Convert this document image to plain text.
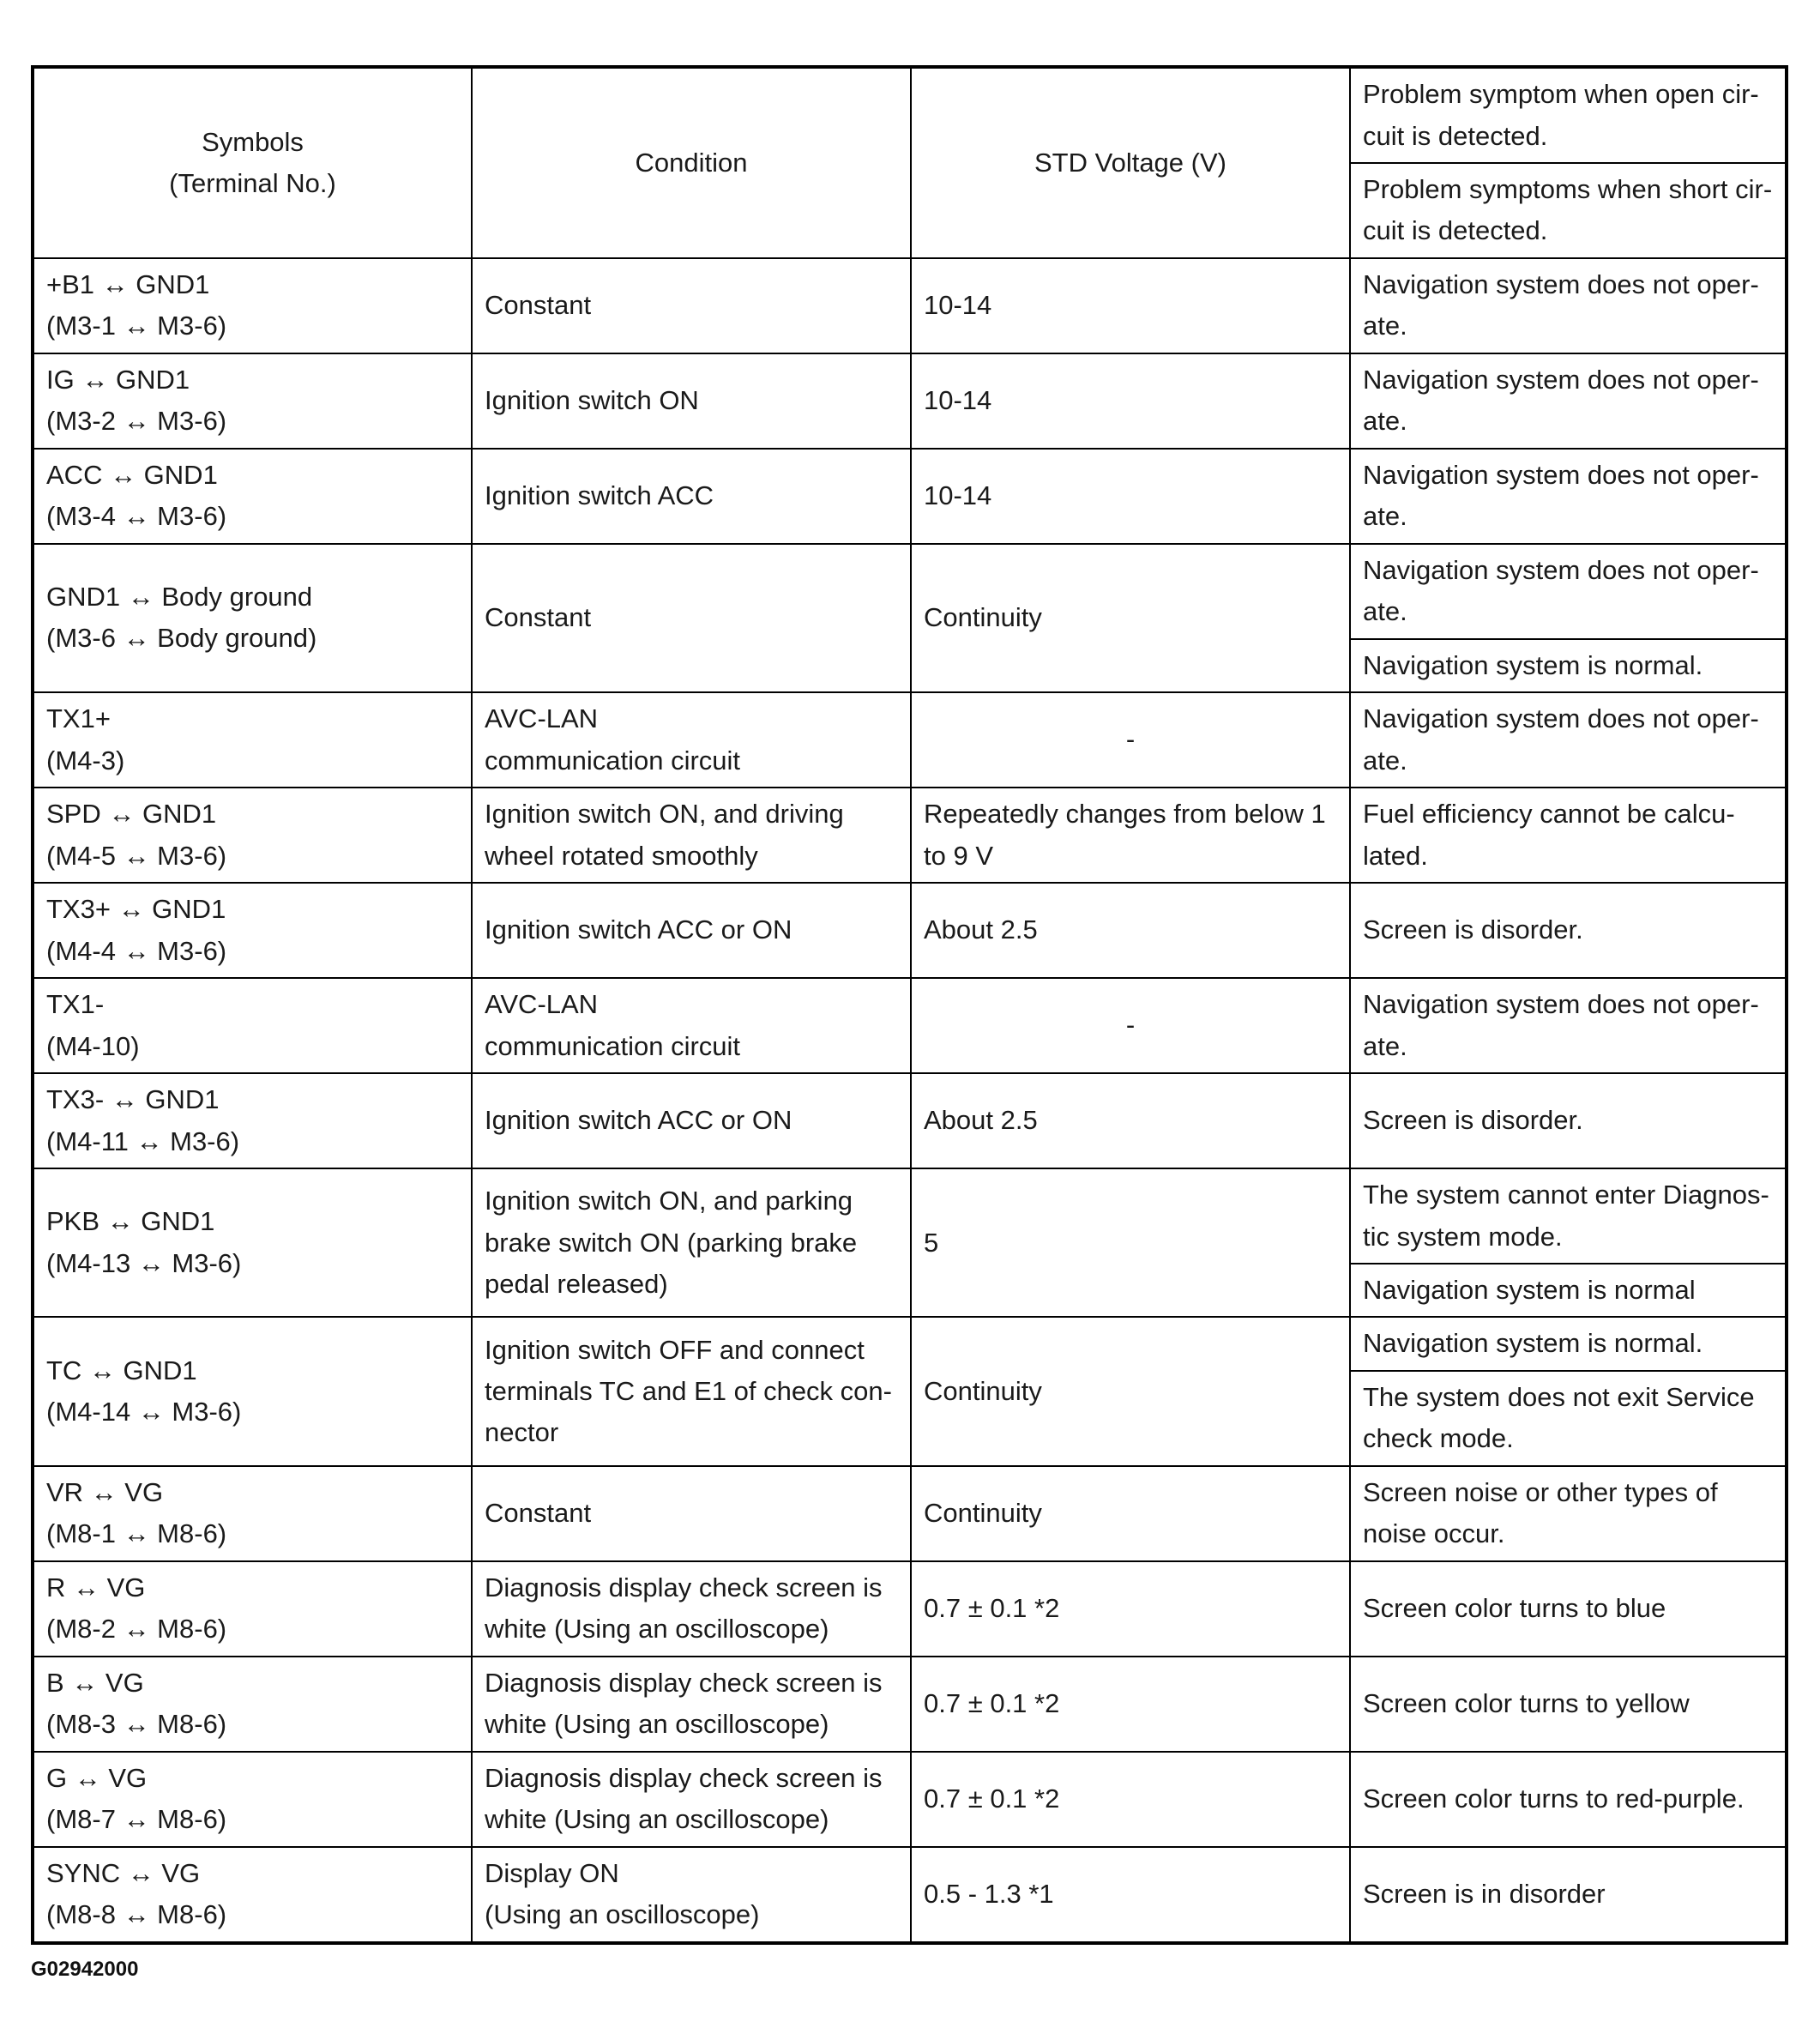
Symbols
(Terminal No.)	Condition	STD Voltage (V)	Problem symptom when open cir-
cuit is detected.

			Problem symptoms when short cir-
cuit is detected.

+B1 ↔ GND1
(M3-1 ↔ M3-6)	Constant	10-14	Navigation system does not oper-
ate.

IG ↔ GND1
(M3-2 ↔ M3-6)	Ignition switch ON	10-14	Navigation system does not oper-
ate.

ACC ↔ GND1
(M3-4 ↔ M3-6)	Ignition switch ACC	10-14	Navigation system does not oper-
ate.

GND1 ↔ Body ground
(M3-6 ↔ Body ground)	Constant	Continuity	Navigation system does not oper-
ate.

			Navigation system is normal.

TX1+
(M4-3)	AVC-LAN
communication circuit	-	Navigation system does not oper-
ate.

SPD ↔ GND1
(M4-5 ↔ M3-6)	Ignition switch ON, and driving
wheel rotated smoothly	Repeatedly changes from below 1
to 9 V	Fuel efficiency cannot be calcu-
lated.

TX3+ ↔ GND1
(M4-4 ↔ M3-6)	Ignition switch ACC or ON	About 2.5	Screen is disorder.

TX1-
(M4-10)	AVC-LAN
communication circuit	-	Navigation system does not oper-
ate.

TX3- ↔ GND1
(M4-11 ↔ M3-6)	Ignition switch ACC or ON	About 2.5	Screen is disorder.

PKB ↔ GND1
(M4-13 ↔ M3-6)	Ignition switch ON, and parking
brake switch ON (parking brake
pedal released)	5	The system cannot enter Diagnos-
tic system mode.

			Navigation system is normal

TC ↔ GND1
(M4-14 ↔ M3-6)	Ignition switch OFF and connect
terminals TC and E1 of check con-
nector	Continuity	Navigation system is normal.

			The system does not exit Service
check mode.

VR ↔ VG
(M8-1 ↔ M8-6)	Constant	Continuity	Screen noise or other types of
noise occur.

R ↔ VG
(M8-2 ↔ M8-6)	Diagnosis display check screen is
white (Using an oscilloscope)	0.7 ± 0.1 *2	Screen color turns to blue

B ↔ VG
(M8-3 ↔ M8-6)	Diagnosis display check screen is
white (Using an oscilloscope)	0.7 ± 0.1 *2	Screen color turns to yellow

G ↔ VG
(M8-7 ↔ M8-6)	Diagnosis display check screen is
white (Using an oscilloscope)	0.7 ± 0.1 *2	Screen color turns to red-purple.

SYNC ↔ VG
(M8-8 ↔ M8-6)	Display ON
(Using an oscilloscope)	0.5 - 1.3 *1	Screen is in disorder
G02942000
